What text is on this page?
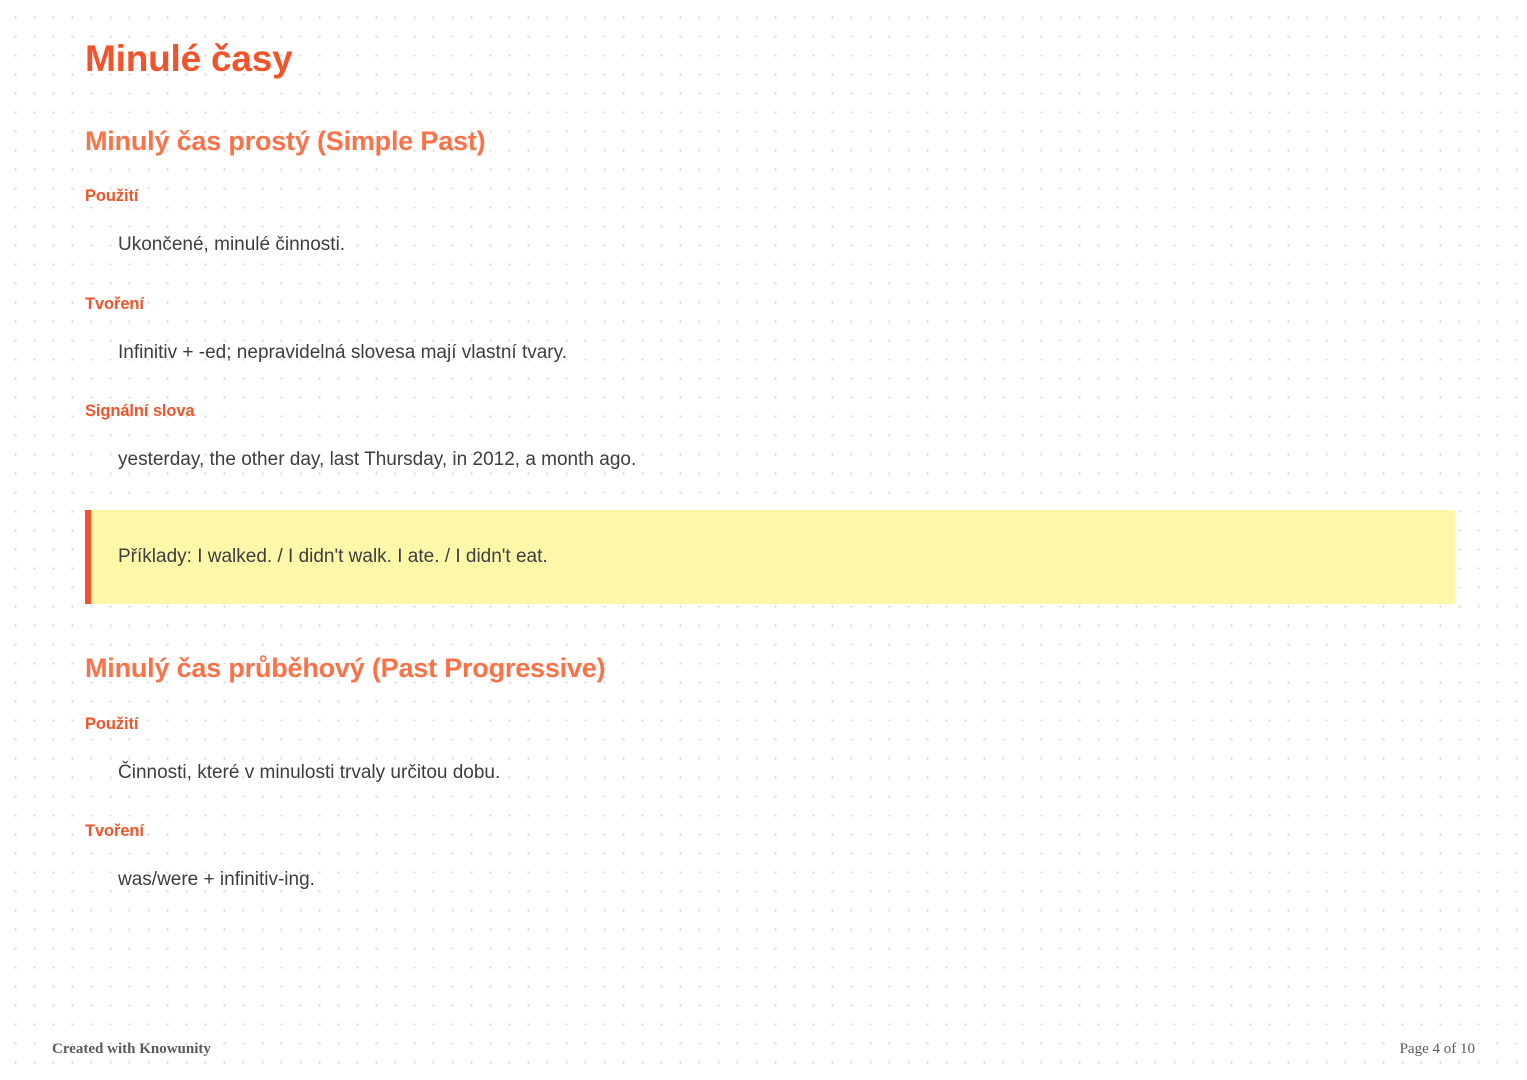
Minulé časy
Minulý čas prostý (Simple Past)
Použití

Ukončené, minulé činnosti.

Tvoření

Infinitiv + -ed; nepravidelná slovesa mají vlastní tvary.

Signální slova

yesterday, the other day, last Thursday, in 2012, a month ago.

Příklady: I walked. / I didn't walk. I ate. / I didn't eat.
Minulý čas průběhový (Past Progressive)
Použití

Činnosti, které v minulosti trvaly určitou dobu.

Tvoření

was/were + infinitiv-ing.

Created with Knowunity	Page 4 of 10
